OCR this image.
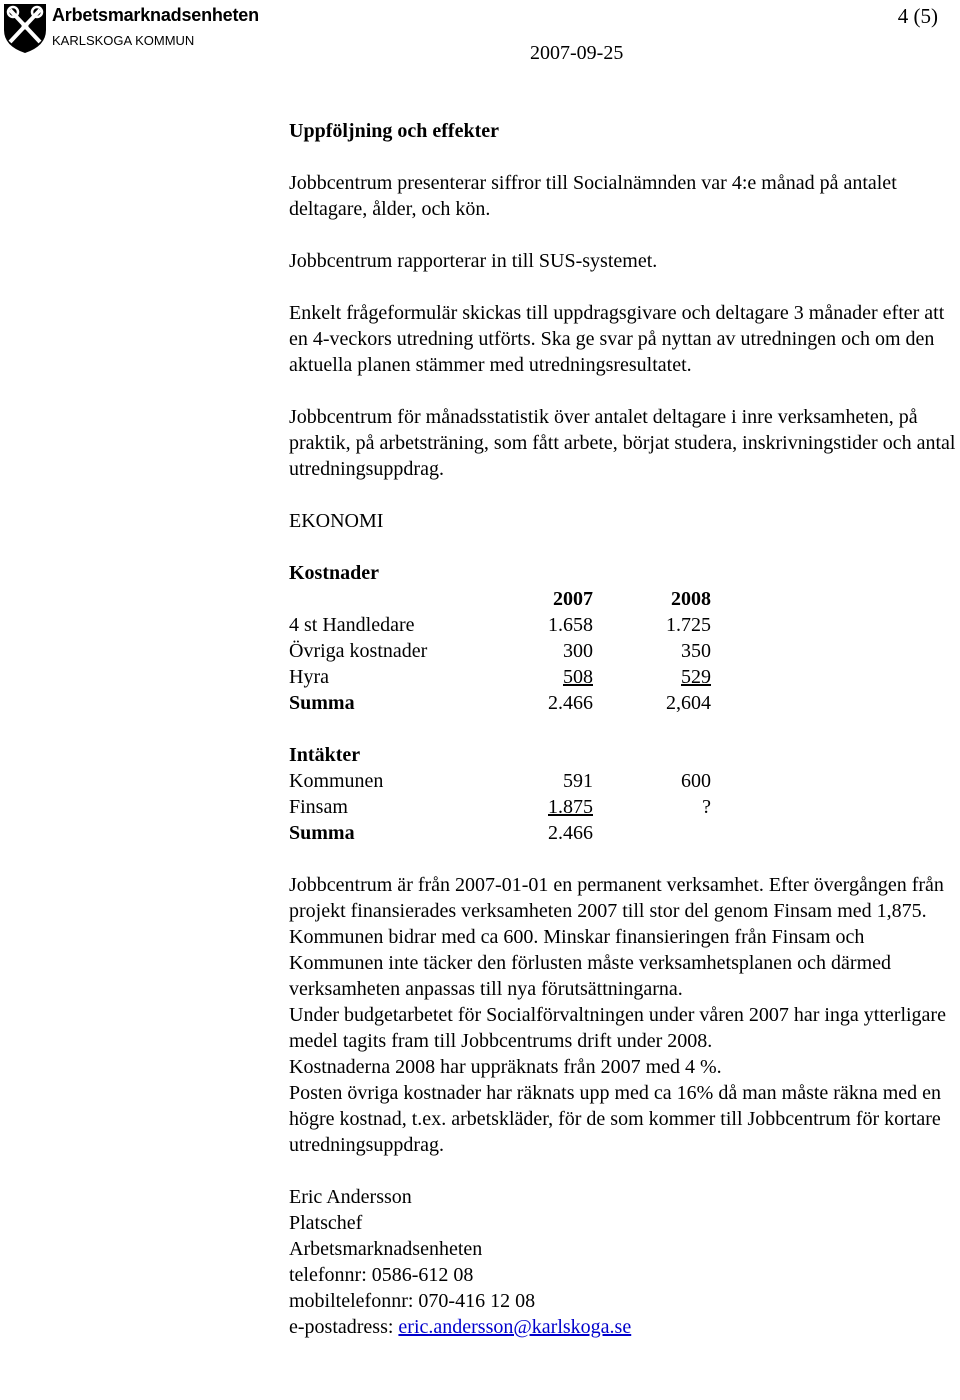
Arbetsmarknadsenheten
KARLSKOGA KOMMUN
4 (5)
2007-09-25
Uppföljning och effekter

Jobbcentrum presenterar siffror till Socialnämnden var 4:e månad på antalet deltagare, ålder, och kön.

Jobbcentrum rapporterar in till SUS-systemet.

Enkelt frågeformulär skickas till uppdragsgivare och deltagare 3 månader efter att en 4-veckors utredning utförts. Ska ge svar på nyttan av utredningen och om den aktuella planen stämmer med utredningsresultatet.

Jobbcentrum för månadsstatistik över antalet deltagare i inre verksamheten, på praktik, på arbetsträning, som fått arbete, börjat studera, inskrivningstider och antal utredningsuppdrag.

EKONOMI
Kostnader		
	2007	2008
4 st Handledare	1.658	1.725
Övriga kostnader	300	350
Hyra	508	529
Summa	2.466	2,604

Intäkter		
Kommunen	591	600
Finsam	1.875	?
Summa	2.466	
Jobbcentrum är från 2007-01-01 en permanent verksamhet. Efter övergången från projekt finansierades verksamheten 2007 till stor del genom Finsam med 1,875. Kommunen bidrar med ca 600. Minskar finansieringen från Finsam och Kommunen inte täcker den förlusten måste verksamhetsplanen och därmed verksamheten anpassas till nya förutsättningarna.
Under budgetarbetet för Socialförvaltningen under våren 2007 har inga ytterligare medel tagits fram till Jobbcentrums drift under 2008.
Kostnaderna 2008 har uppräknats från 2007 med 4 %.
Posten övriga kostnader har räknats upp med ca 16% då man måste räkna med en högre kostnad, t.ex. arbetskläder, för de som kommer till Jobbcentrum för kortare utredningsuppdrag.
Eric Andersson
Platschef
Arbetsmarknadsenheten
telefonnr: 0586-612 08
mobiltelefonnr: 070-416 12 08
e-postadress: eric.andersson@karlskoga.se
